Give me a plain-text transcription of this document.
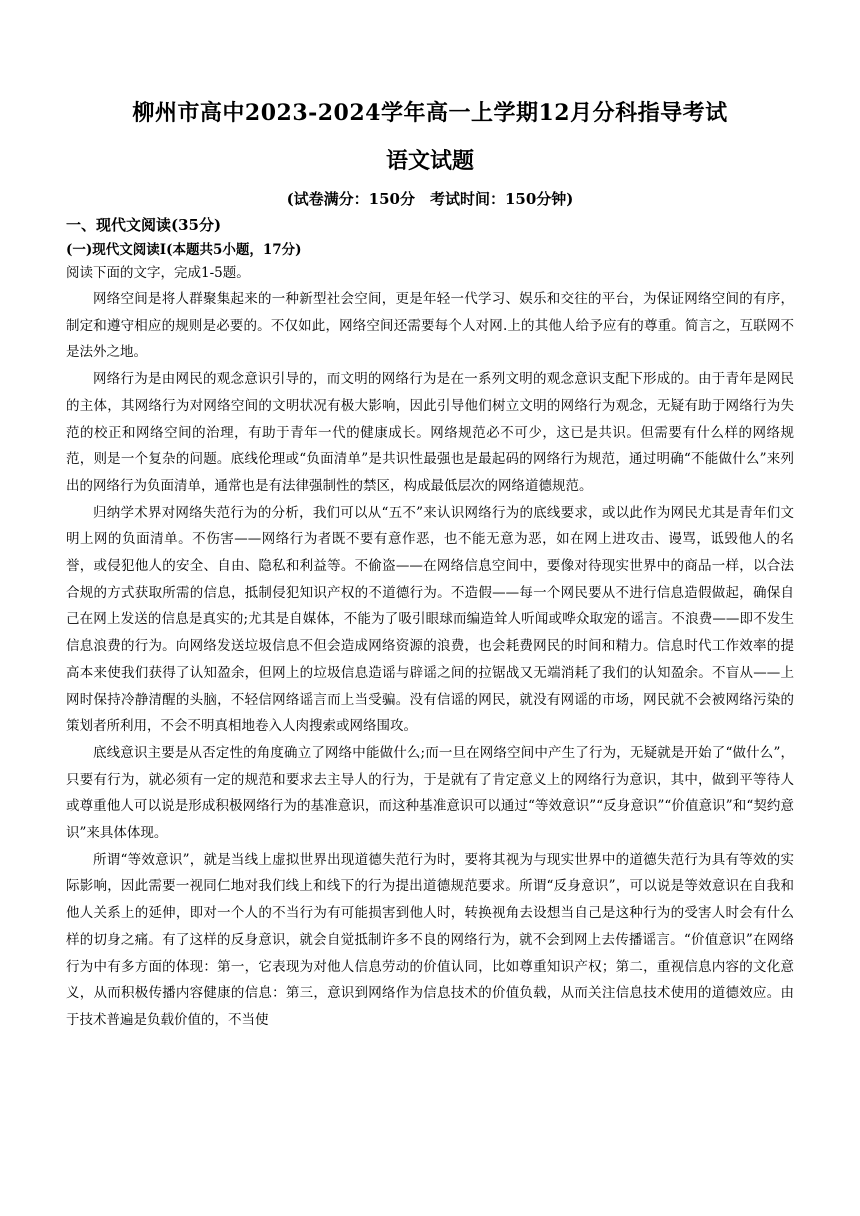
柳州市高中2023-2024学年高一上学期12月分科指导考试
语文试题
(试卷满分：150分　考试时间：150分钟)
一、现代文阅读(35分)
(一)现代文阅读Ⅰ(本题共5小题，17分)
阅读下面的文字，完成1-5题。

网络空间是将人群聚集起来的一种新型社会空间，更是年轻一代学习、娱乐和交往的平台，为保证网络空间的有序，制定和遵守相应的规则是必要的。不仅如此，网络空间还需要每个人对网.上的其他人给予应有的尊重。简言之，互联网不是法外之地。

网络行为是由网民的观念意识引导的，而文明的网络行为是在一系列文明的观念意识支配下形成的。由于青年是网民的主体，其网络行为对网络空间的文明状况有极大影响，因此引导他们树立文明的网络行为观念，无疑有助于网络行为失范的校正和网络空间的治理，有助于青年一代的健康成长。网络规范必不可少，这已是共识。但需要有什么样的网络规范，则是一个复杂的问题。底线伦理或“负面清单”是共识性最强也是最起码的网络行为规范，通过明确“不能做什么”来列出的网络行为负面清单，通常也是有法律强制性的禁区，构成最低层次的网络道德规范。

归纳学术界对网络失范行为的分析，我们可以从“五不”来认识网络行为的底线要求，或以此作为网民尤其是青年们文明上网的负面清单。不伤害——网络行为者既不要有意作恶，也不能无意为恶，如在网上进攻击、谩骂，诋毁他人的名誉，或侵犯他人的安全、自由、隐私和利益等。不偷盗——在网络信息空间中，要像对待现实世界中的商品一样，以合法合规的方式获取所需的信息，抵制侵犯知识产权的不道德行为。不造假——每一个网民要从不进行信息造假做起，确保自己在网上发送的信息是真实的;尤其是自媒体，不能为了吸引眼球而编造耸人听闻或哗众取宠的谣言。不浪费——即不发生信息浪费的行为。向网络发送垃圾信息不但会造成网络资源的浪费，也会耗费网民的时间和精力。信息时代工作效率的提高本来使我们获得了认知盈余，但网上的垃圾信息造谣与辟谣之间的拉锯战又无端消耗了我们的认知盈余。不盲从——上网时保持冷静清醒的头脑，不轻信网络谣言而上当受骗。没有信谣的网民，就没有网谣的市场，网民就不会被网络污染的策划者所利用，不会不明真相地卷入人肉搜索或网络围攻。

底线意识主要是从否定性的角度确立了网络中能做什么;而一旦在网络空间中产生了行为，无疑就是开始了“做什么”，只要有行为，就必须有一定的规范和要求去主导人的行为，于是就有了肯定意义上的网络行为意识，其中，做到平等待人或尊重他人可以说是形成积极网络行为的基准意识，而这种基准意识可以通过“等效意识”“反身意识”“价值意识”和“契约意识”来具体体现。

所谓“等效意识”，就是当线上虚拟世界出现道德失范行为时，要将其视为与现实世界中的道德失范行为具有等效的实际影响，因此需要一视同仁地对我们线上和线下的行为提出道德规范要求。所谓“反身意识”，可以说是等效意识在自我和他人关系上的延伸，即对一个人的不当行为有可能损害到他人时，转换视角去设想当自己是这种行为的受害人时会有什么样的切身之痛。有了这样的反身意识，就会自觉抵制许多不良的网络行为，就不会到网上去传播谣言。“价值意识”在网络行为中有多方面的体现：第一，它表现为对他人信息劳动的价值认同，比如尊重知识产权；第二，重视信息内容的文化意义，从而积极传播内容健康的信息：第三，意识到网络作为信息技术的价值负载，从而关注信息技术使用的道德效应。由于技术普遍是负载价值的，不当使
